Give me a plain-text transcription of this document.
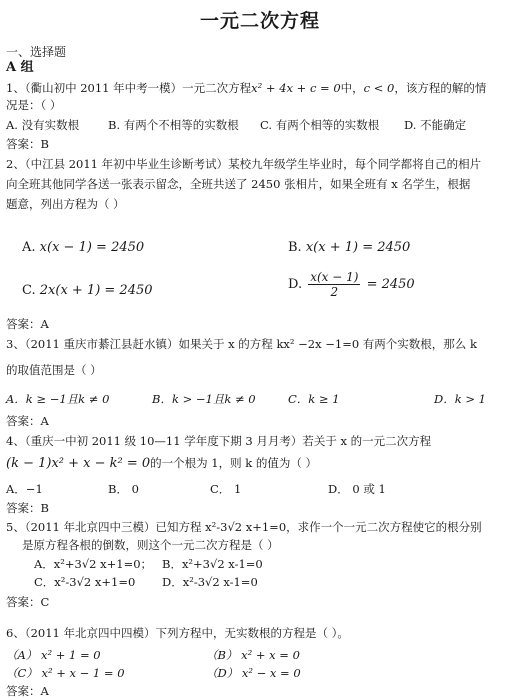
一元二次方程
一、选择题
A 组
1、（衢山初中 2011 年中考一模）一元二次方程x² + 4x + c = 0中，c < 0，该方程的解的情
况是：（ ）
A. 没有实数根	B. 有两个不相等的实数根 C. 有两个相等的实数根 D. 不能确定
答案：B
2、（中江县 2011 年初中毕业生诊断考试）某校九年级学生毕业时，每个同学都将自己的相片
向全班其他同学各送一张表示留念，全班共送了 2450 张相片，如果全班有 x 名学生，根据
题意，列出方程为（ ）
A. x(x − 1) = 2450	B. x(x + 1) = 2450
C. 2x(x + 1) = 2450	D. $\frac{x(x - 1)}{2} = 2450$
答案：A
3、（2011 重庆市綦江县赶水镇）如果关于 x 的方程 kx² −2x −1=0 有两个实数根，那么 k
的取值范围是（ ）
A．k ≥ −1且k ≠ 0	B．k > −1且k ≠ 0	C．k ≥ 1	D．k > 1
答案：A
4、（重庆一中初 2011 级 10—11 学年度下期 3 月月考）若关于 x 的一元二次方程
(k − 1)x² + x − k² = 0的一个根为 1，则 k 的值为（ ）
A．−1	B． 0	C． 1	D． 0 或 1
答案：B
5、（2011 年北京四中三模）已知方程 x²-3√2 x+1=0，求作一个一元二次方程使它的根分别
是原方程各根的倒数，则这个一元二次方程是（ ）
A．x²+3√2 x+1=0； B．x²+3√2 x-1=0
C．x²-3√2 x+1=0 D．x²-3√2 x-1=0
答案：C
6、（2011 年北京四中四模）下列方程中，无实数根的方程是（ ）。
（A） x² + 1 = 0	（B） x² + x = 0
（C） x² + x − 1 = 0	（D） x² − x = 0
答案：A
